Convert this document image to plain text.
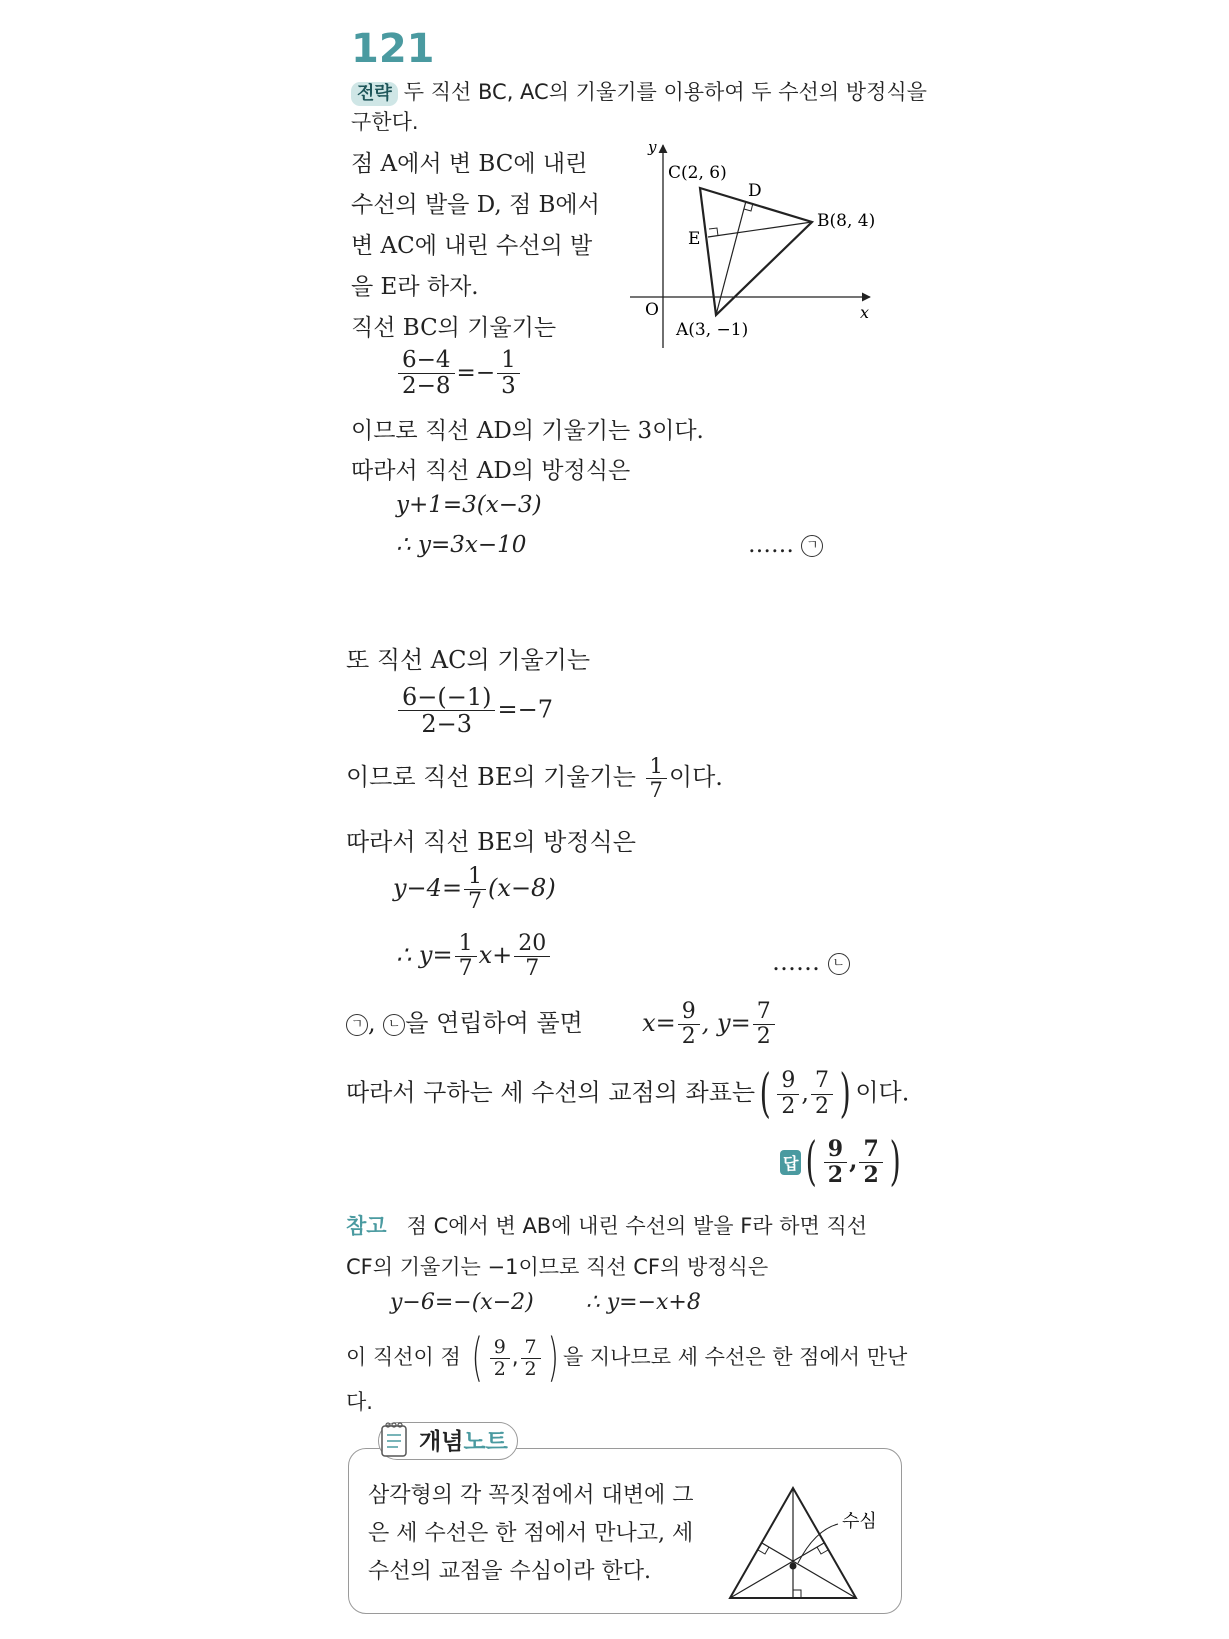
121
전략 두 직선 BC, AC의 기울기를 이용하여 두 수선의 방정식을
구한다.
점 A에서 변 BC에 내린
수선의 발을 D, 점 B에서
변 AC에 내린 수선의 발
을 E라 하자.
직선 BC의 기울기는
y
x
O
C(2, 6)
B(8, 4)
A(3, −1)
D
E
$\frac{6-4}{2-8} =- \frac{1}{3}$
이므로 직선 AD의 기울기는 3이다.
따라서 직선 AD의 방정식은
y+1=3(x−3)
∴ y=3x−10	…… ㄱ
또 직선 AC의 기울기는
$\frac{6-(-1)}{2-3} =-7$
이므로 직선 BE의 기울기는 $\frac{1}{7}$ 이다.
따라서 직선 BE의 방정식은
$y-4= \frac{1}{7} (x-8)$
∴ $y= \frac{1}{7} x+ \frac{20}{7}$	…… ㄴ
ㄱ , ㄴ 을 연립하여 풀면 $x= \frac{9}{2}$ , $y= \frac{7}{2}$
따라서 구하는 세 수선의 교점의 좌표는( $\frac{9}{2}$ , $\frac{7}{2}$ ) 이다.
답 ( $\frac{9}{2}$ , $\frac{7}{2}$ )
참고 점 C에서 변 AB에 내린 수선의 발을 F라 하면 직선
CF의 기울기는 −1이므로 직선 CF의 방정식은
y−6=−(x−2) ∴ y=−x+8
이 직선이 점 ( $\frac{9}{2}$ , $\frac{7}{2}$ ) 을 지나므로 세 수선은 한 점에서 만난
다.
개념노트
삼각형의 각 꼭짓점에서 대변에 그
은 세 수선은 한 점에서 만나고, 세
수선의 교점을 수심이라 한다.
수심
